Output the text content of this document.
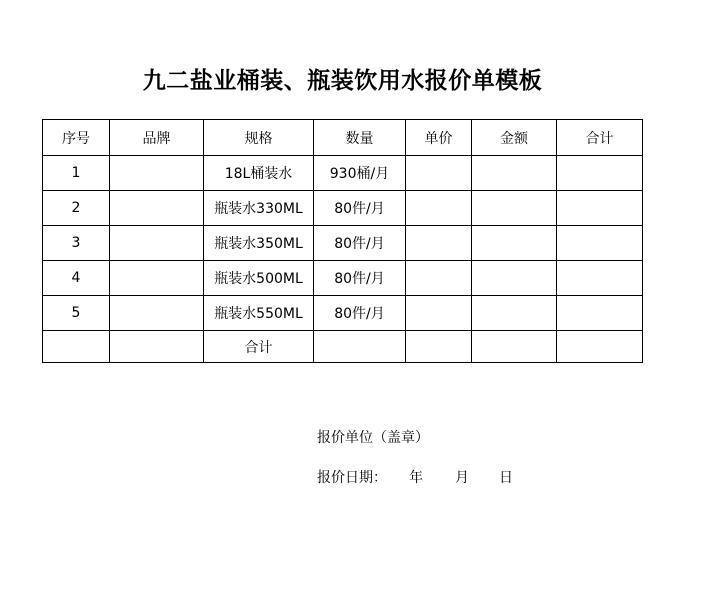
九二盐业桶装、瓶装饮用水报价单模板
序号	品牌	规格	数量	单价	金额	合计
1		18L桶装水	930桶/月			
2		瓶装水330ML	80件/月			
3		瓶装水350ML	80件/月			
4		瓶装水500ML	80件/月			
5		瓶装水550ML	80件/月			
		合计				
报价单位（盖章）
报价日期： 年 月 日
